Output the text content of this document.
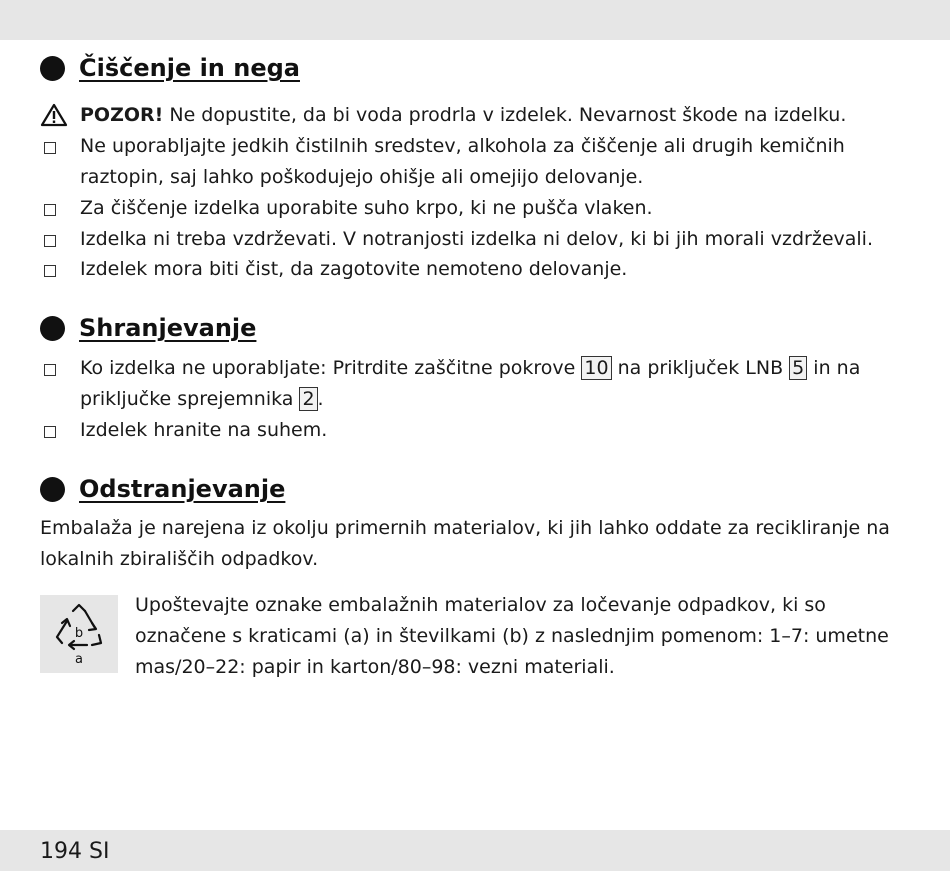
Čiščenje in nega
POZOR! Ne dopustite, da bi voda prodrla v izdelek. Nevarnost škode na izdelku.
Ne uporabljajte jedkih čistilnih sredstev, alkohola za čiščenje ali drugih kemičnih raztopin, saj lahko poškodujejo ohišje ali omejijo delovanje.
Za čiščenje izdelka uporabite suho krpo, ki ne pušča vlaken.
Izdelka ni treba vzdrževati. V notranjosti izdelka ni delov, ki bi jih morali vzdrževali.
Izdelek mora biti čist, da zagotovite nemoteno delovanje.
Shranjevanje
Ko izdelka ne uporabljate: Pritrdite zaščitne pokrove 10 na priključek LNB 5 in na priključke sprejemnika 2 .
Izdelek hranite na suhem.
Odstranjevanje
Embalaža je narejena iz okolju primernih materialov, ki jih lahko oddate za recikliranje na lokalnih zbirališčih odpadkov.
b
a
Upoštevajte oznake embalažnih materialov za ločevanje odpadkov, ki so označene s kraticami (a) in številkami (b) z naslednjim pomenom: 1–7: umetne mas/20–22: papir in karton/80–98: vezni materiali.
194 SI
